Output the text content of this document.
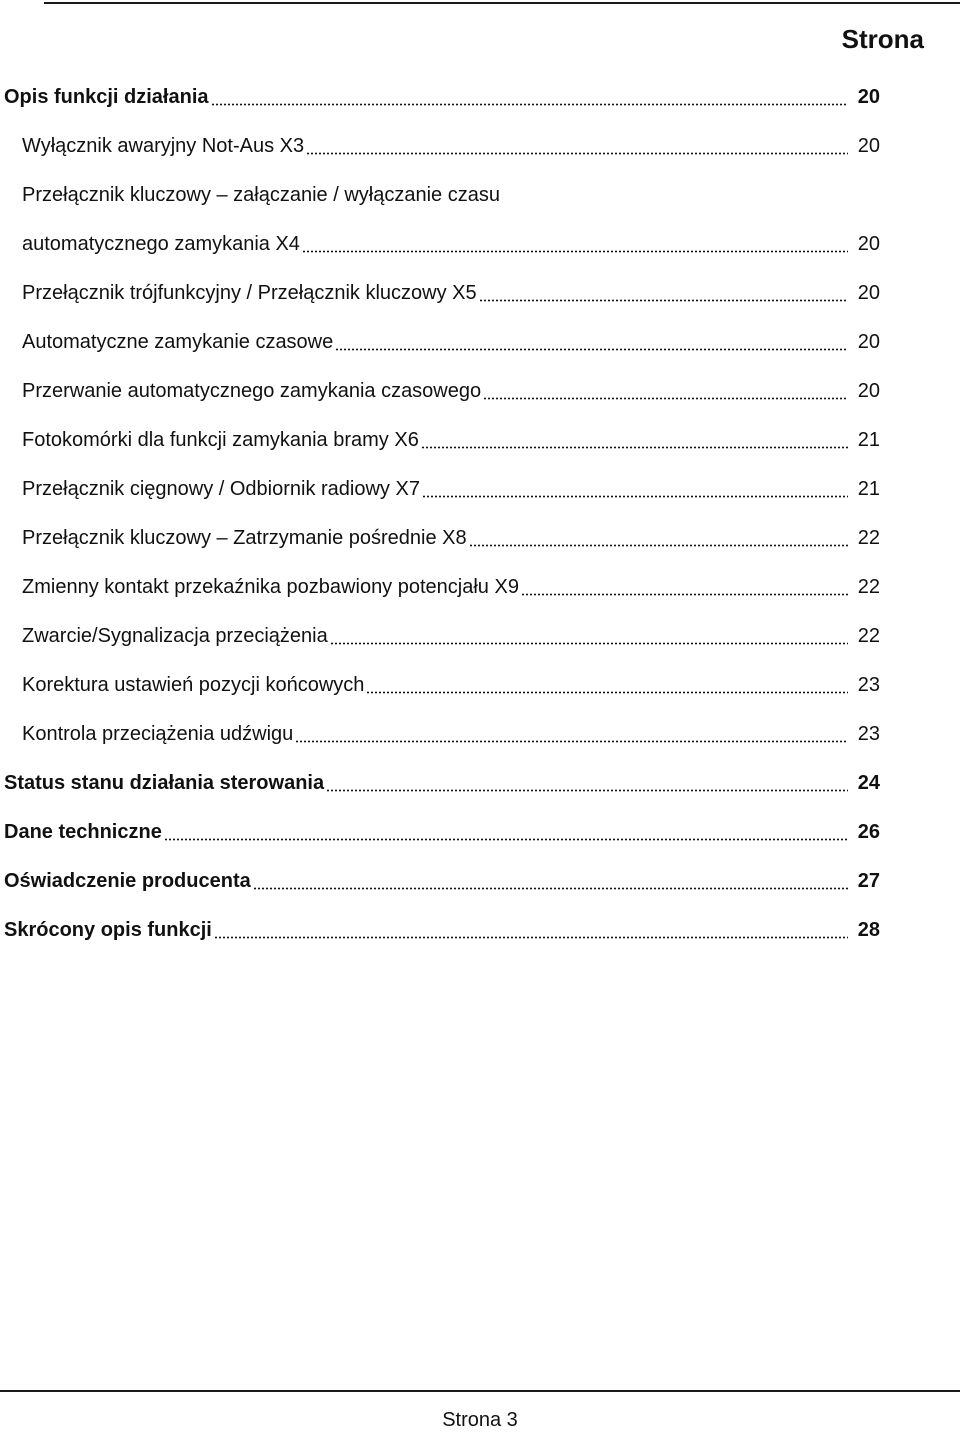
Strona
Opis funkcji działania	20
Wyłącznik awaryjny Not-Aus X3	20
Przełącznik kluczowy – załączanie / wyłączanie czasu
automatycznego zamykania X4	20
Przełącznik trójfunkcyjny / Przełącznik kluczowy X5	20
Automatyczne zamykanie czasowe	20
Przerwanie automatycznego zamykania czasowego	20
Fotokomórki dla funkcji zamykania bramy X6	21
Przełącznik cięgnowy / Odbiornik radiowy X7	21
Przełącznik kluczowy – Zatrzymanie pośrednie X8	22
Zmienny kontakt przekaźnika pozbawiony potencjału X9	22
Zwarcie/Sygnalizacja przeciążenia	22
Korektura ustawień pozycji końcowych	23
Kontrola przeciążenia udźwigu	23
Status stanu działania sterowania	24
Dane techniczne	26
Oświadczenie producenta	27
Skrócony opis funkcji	28
Strona 3
